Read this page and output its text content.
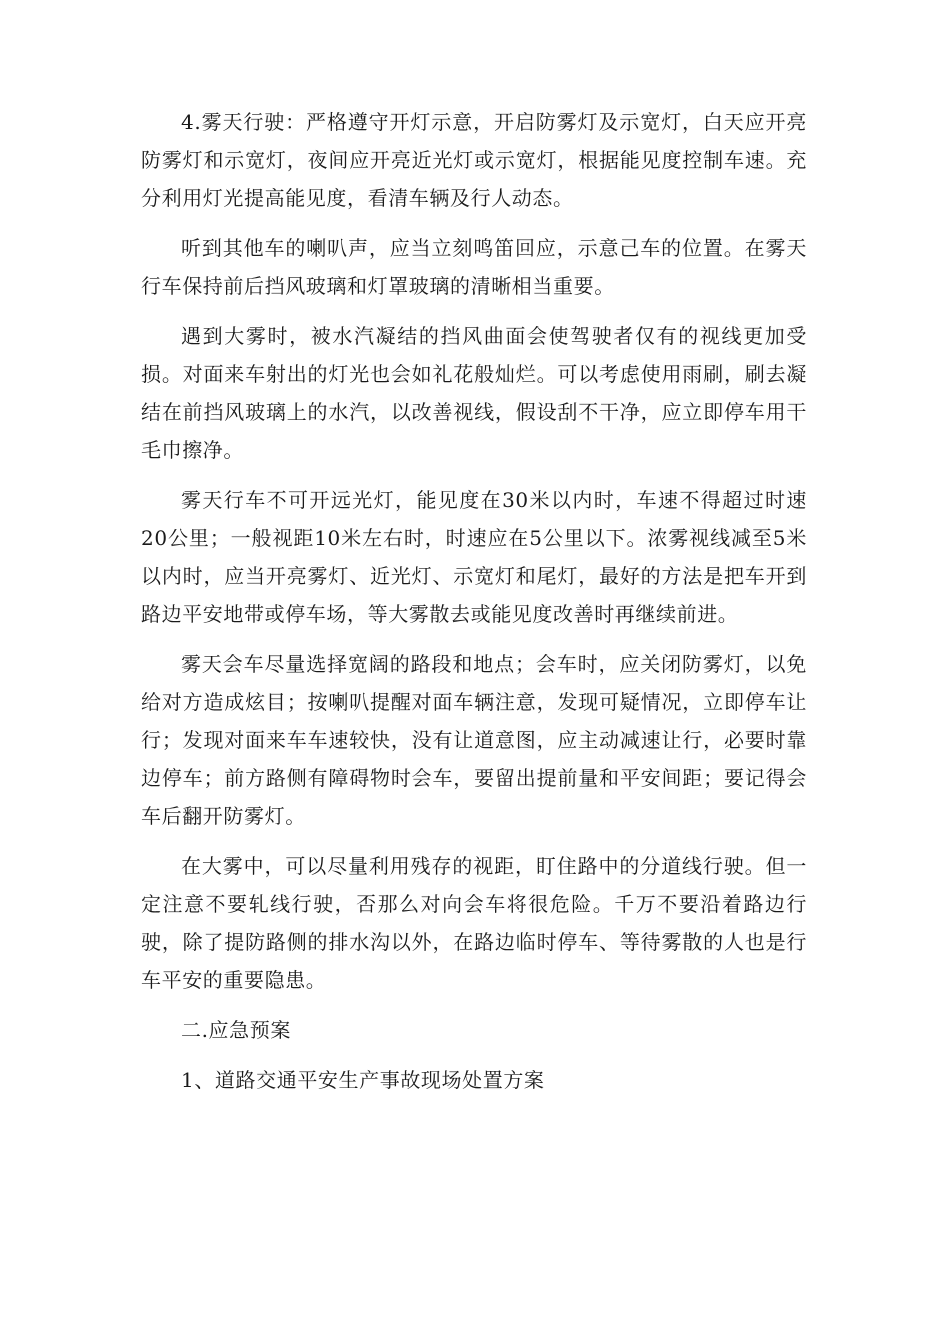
4.雾天行驶：严格遵守开灯示意，开启防雾灯及示宽灯，白天应开亮防雾灯和示宽灯，夜间应开亮近光灯或示宽灯，根据能见度控制车速。充分利用灯光提高能见度，看清车辆及行人动态。

听到其他车的喇叭声，应当立刻鸣笛回应，示意己车的位置。在雾天行车保持前后挡风玻璃和灯罩玻璃的清晰相当重要。

遇到大雾时，被水汽凝结的挡风曲面会使驾驶者仅有的视线更加受损。对面来车射出的灯光也会如礼花般灿烂。可以考虑使用雨刷，刷去凝结在前挡风玻璃上的水汽，以改善视线，假设刮不干净，应立即停车用干毛巾擦净。

雾天行车不可开远光灯，能见度在30米以内时，车速不得超过时速20公里；一般视距10米左右时，时速应在5公里以下。浓雾视线减至5米以内时，应当开亮雾灯、近光灯、示宽灯和尾灯，最好的方法是把车开到路边平安地带或停车场，等大雾散去或能见度改善时再继续前进。

雾天会车尽量选择宽阔的路段和地点；会车时，应关闭防雾灯，以免给对方造成炫目；按喇叭提醒对面车辆注意，发现可疑情况，立即停车让行；发现对面来车车速较快，没有让道意图，应主动减速让行，必要时靠边停车；前方路侧有障碍物时会车，要留出提前量和平安间距；要记得会车后翻开防雾灯。

在大雾中，可以尽量利用残存的视距，盯住路中的分道线行驶。但一定注意不要轧线行驶，否那么对向会车将很危险。千万不要沿着路边行驶，除了提防路侧的排水沟以外，在路边临时停车、等待雾散的人也是行车平安的重要隐患。

二.应急预案

1、道路交通平安生产事故现场处置方案
